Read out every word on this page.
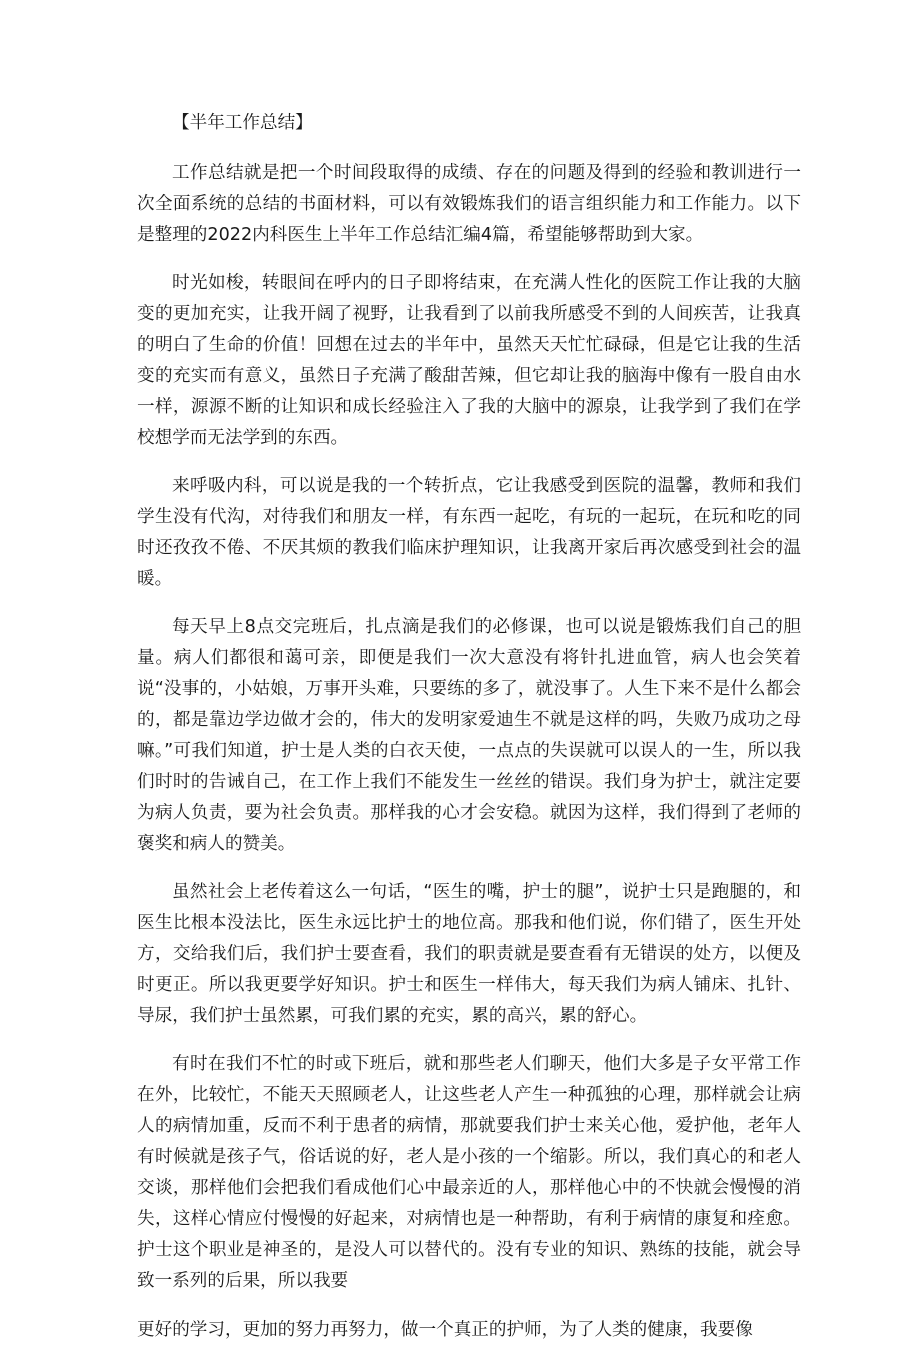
【半年工作总结】

工作总结就是把一个时间段取得的成绩、存在的问题及得到的经验和教训进行一次全面系统的总结的书面材料，可以有效锻炼我们的语言组织能力和工作能力。以下是整理的2022内科医生上半年工作总结汇编4篇，希望能够帮助到大家。

时光如梭，转眼间在呼内的日子即将结束，在充满人性化的医院工作让我的大脑变的更加充实，让我开阔了视野，让我看到了以前我所感受不到的人间疾苦，让我真的明白了生命的价值！回想在过去的半年中，虽然天天忙忙碌碌，但是它让我的生活变的充实而有意义，虽然日子充满了酸甜苦辣，但它却让我的脑海中像有一股自由水一样，源源不断的让知识和成长经验注入了我的大脑中的源泉，让我学到了我们在学校想学而无法学到的东西。

来呼吸内科，可以说是我的一个转折点，它让我感受到医院的温馨，教师和我们学生没有代沟，对待我们和朋友一样，有东西一起吃，有玩的一起玩，在玩和吃的同时还孜孜不倦、不厌其烦的教我们临床护理知识，让我离开家后再次感受到社会的温暖。

每天早上8点交完班后，扎点滴是我们的必修课，也可以说是锻炼我们自己的胆量。病人们都很和蔼可亲，即便是我们一次大意没有将针扎进血管，病人也会笑着说“没事的，小姑娘，万事开头难，只要练的多了，就没事了。人生下来不是什么都会的，都是靠边学边做才会的，伟大的发明家爱迪生不就是这样的吗，失败乃成功之母嘛。”可我们知道，护士是人类的白衣天使，一点点的失误就可以误人的一生，所以我们时时的告诫自己，在工作上我们不能发生一丝丝的错误。我们身为护士，就注定要为病人负责，要为社会负责。那样我的心才会安稳。就因为这样，我们得到了老师的褒奖和病人的赞美。

虽然社会上老传着这么一句话，“医生的嘴，护士的腿”，说护士只是跑腿的，和医生比根本没法比，医生永远比护士的地位高。那我和他们说，你们错了，医生开处方，交给我们后，我们护士要查看，我们的职责就是要查看有无错误的处方，以便及时更正。所以我更要学好知识。护士和医生一样伟大，每天我们为病人铺床、扎针、导尿，我们护士虽然累，可我们累的充实，累的高兴，累的舒心。

有时在我们不忙的时或下班后，就和那些老人们聊天，他们大多是子女平常工作在外，比较忙，不能天天照顾老人，让这些老人产生一种孤独的心理，那样就会让病人的病情加重，反而不利于患者的病情，那就要我们护士来关心他，爱护他，老年人有时候就是孩子气，俗话说的好，老人是小孩的一个缩影。所以，我们真心的和老人交谈，那样他们会把我们看成他们心中最亲近的人，那样他心中的不快就会慢慢的消失，这样心情应付慢慢的好起来，对病情也是一种帮助，有利于病情的康复和痊愈。护士这个职业是神圣的，是没人可以替代的。没有专业的知识、熟练的技能，就会导致一系列的后果，所以我要

更好的学习，更加的努力再努力，做一个真正的护师，为了人类的健康，我要像
